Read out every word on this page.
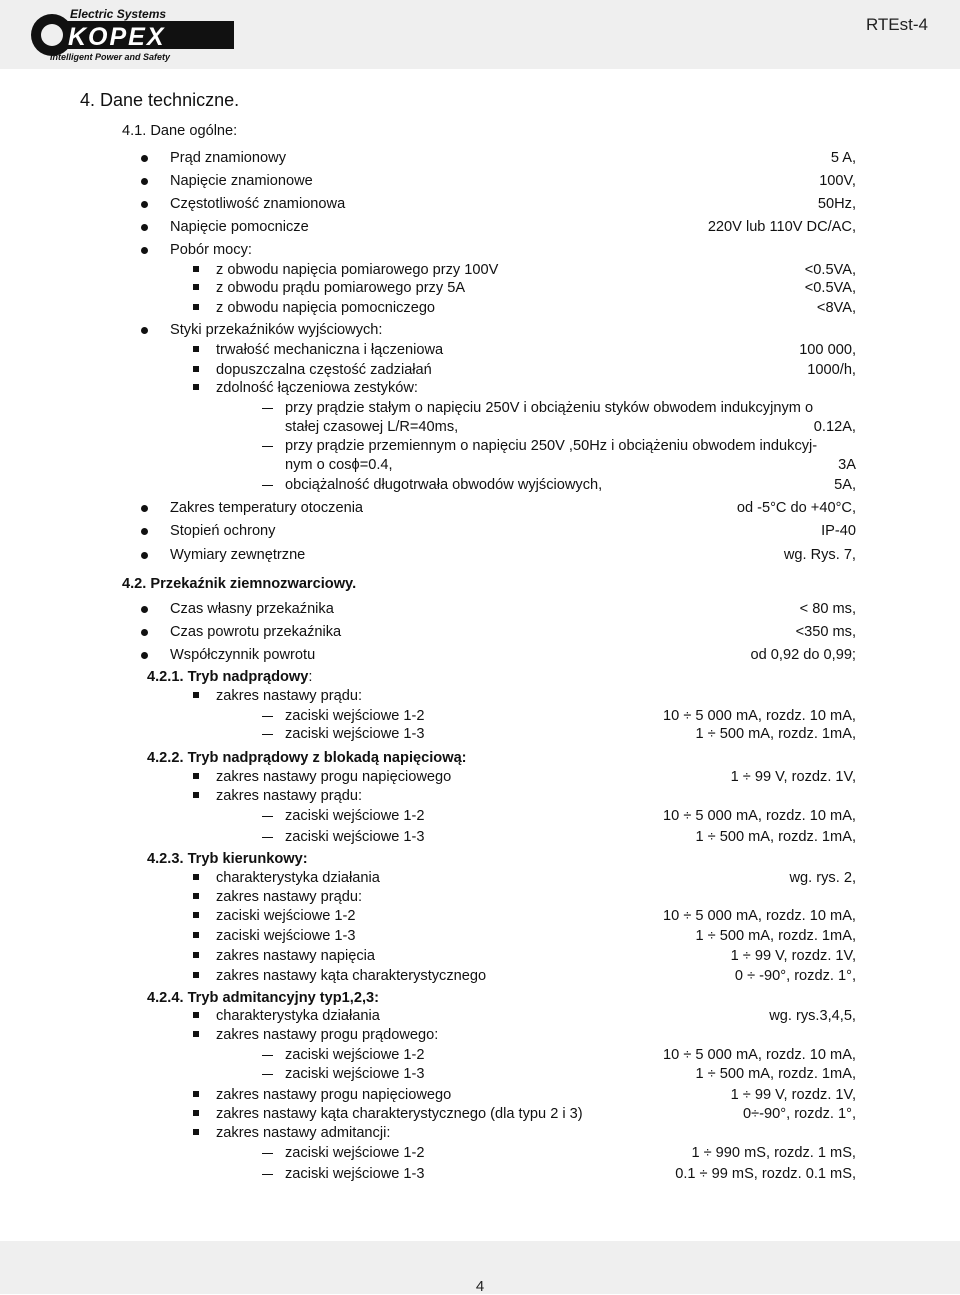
Electric Systems
KOPEX
Intelligent Power and Safety
RTEst-4
4. Dane techniczne.
4.1. Dane ogólne:
Prąd znamionowy	5 A,
Napięcie znamionowe	100V,
Częstotliwość znamionowa	50Hz,
Napięcie pomocnicze	220V lub 110V DC/AC,
Pobór mocy:
z obwodu napięcia pomiarowego przy 100V	<0.5VA,
z obwodu prądu pomiarowego przy 5A	<0.5VA,
z obwodu napięcia pomocniczego	<8VA,
Styki przekaźników wyjściowych:
trwałość mechaniczna i łączeniowa	100 000,
dopuszczalna częstość zadziałań	1000/h,
zdolność łączeniowa zestyków:
przy prądzie stałym o napięciu 250V i obciążeniu styków obwodem indukcyjnym o
stałej czasowej L/R=40ms,	0.12A,
przy prądzie przemiennym o napięciu 250V ,50Hz i obciążeniu obwodem indukcyj-
nym o cosϕ=0.4,	3A
obciążalność długotrwała obwodów wyjściowych,	5A,
Zakres temperatury otoczenia	od -5°C do +40°C,
Stopień ochrony	IP-40
Wymiary zewnętrzne	wg. Rys. 7,
4.2. Przekaźnik ziemnozwarciowy.
Czas własny przekaźnika	< 80 ms,
Czas powrotu przekaźnika	<350 ms,
Współczynnik powrotu	od 0,92 do 0,99;
4.2.1. Tryb nadprądowy:
zakres nastawy prądu:
zaciski wejściowe 1-2	10 ÷ 5 000 mA, rozdz. 10 mA,
zaciski wejściowe 1-3	1 ÷ 500 mA, rozdz. 1mA,
4.2.2. Tryb nadprądowy z blokadą napięciową:
zakres nastawy progu napięciowego	1 ÷ 99 V, rozdz. 1V,
zakres nastawy prądu:
zaciski wejściowe 1-2	10 ÷ 5 000 mA, rozdz. 10 mA,
zaciski wejściowe 1-3	1 ÷ 500 mA, rozdz. 1mA,
4.2.3. Tryb kierunkowy:
charakterystyka działania	wg. rys. 2,
zakres nastawy prądu:
zaciski wejściowe 1-2	10 ÷ 5 000 mA, rozdz. 10 mA,
zaciski wejściowe 1-3	1 ÷ 500 mA, rozdz. 1mA,
zakres nastawy napięcia	1 ÷ 99 V, rozdz. 1V,
zakres nastawy kąta charakterystycznego	0 ÷ -90°, rozdz. 1°,
4.2.4. Tryb admitancyjny typ1,2,3:
charakterystyka działania	wg. rys.3,4,5,
zakres nastawy progu prądowego:
zaciski wejściowe 1-2	10 ÷ 5 000 mA, rozdz. 10 mA,
zaciski wejściowe 1-3	1 ÷ 500 mA, rozdz. 1mA,
zakres nastawy progu napięciowego	1 ÷ 99 V, rozdz. 1V,
zakres nastawy kąta charakterystycznego (dla typu 2 i 3)	0÷-90°, rozdz. 1°,
zakres nastawy admitancji:
zaciski wejściowe 1-2	1 ÷ 990 mS, rozdz. 1 mS,
zaciski wejściowe 1-3	0.1 ÷ 99 mS, rozdz. 0.1 mS,
4
